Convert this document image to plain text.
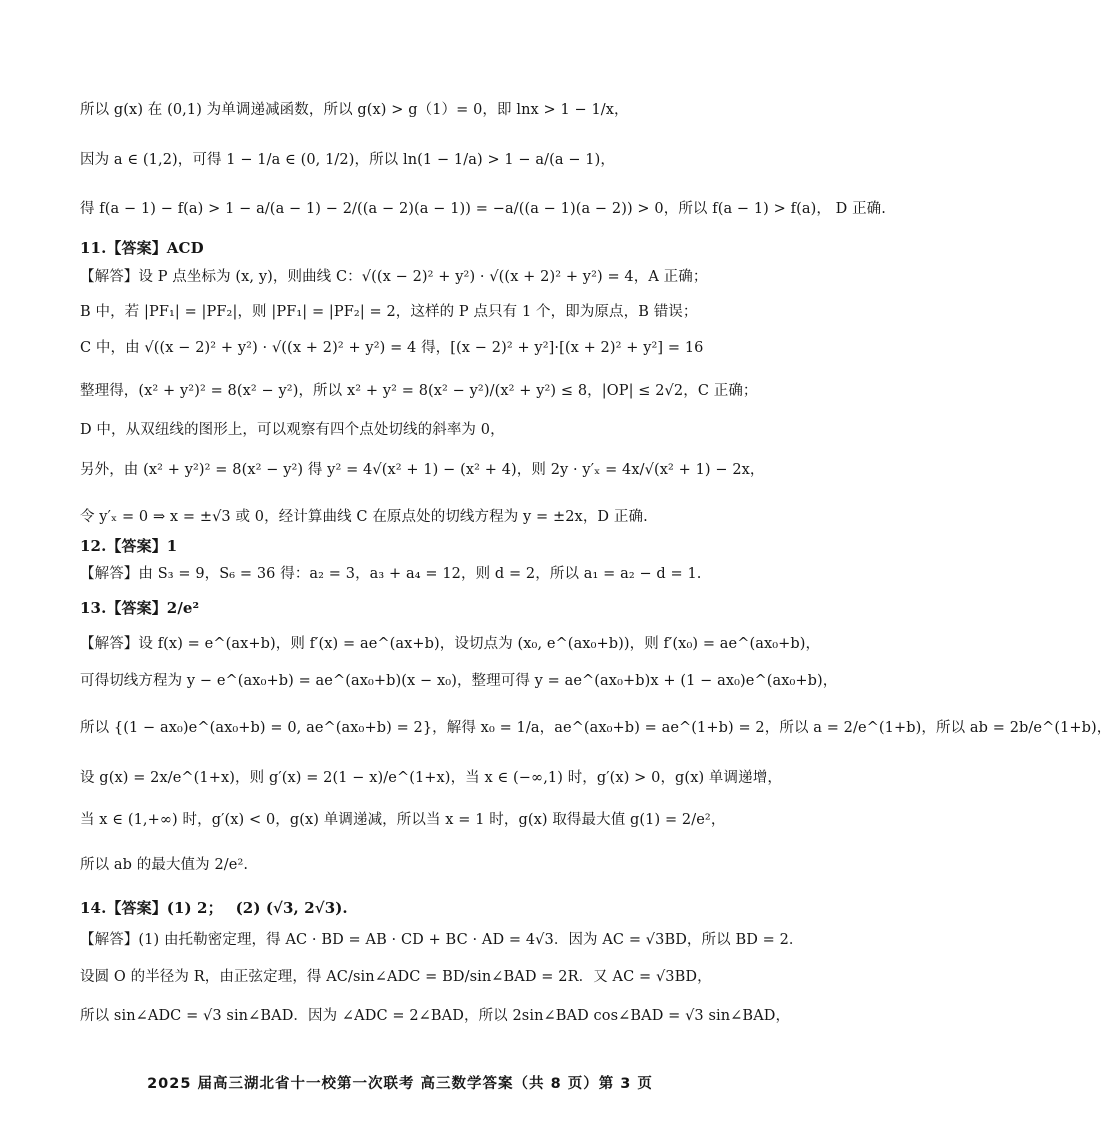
所以 g(x) 在 (0,1) 为单调递减函数，所以 g(x) > g（1）= 0，即 lnx > 1 − 1/x，
因为 a ∈ (1,2)，可得 1 − 1/a ∈ (0, 1/2)，所以 ln(1 − 1/a) > 1 − a/(a − 1)，
得 f(a − 1) − f(a) > 1 − a/(a − 1) − 2/((a − 2)(a − 1)) = −a/((a − 1)(a − 2)) > 0，所以 f(a − 1) > f(a)， D 正确.
11.【答案】ACD
【解答】设 P 点坐标为 (x, y)，则曲线 C：√((x − 2)² + y²) · √((x + 2)² + y²) = 4，A 正确；
B 中，若 |PF₁| = |PF₂|，则 |PF₁| = |PF₂| = 2，这样的 P 点只有 1 个，即为原点，B 错误；
C 中，由 √((x − 2)² + y²) · √((x + 2)² + y²) = 4 得，[(x − 2)² + y²]·[(x + 2)² + y²] = 16
整理得，(x² + y²)² = 8(x² − y²)，所以 x² + y² = 8(x² − y²)/(x² + y²) ≤ 8，|OP| ≤ 2√2，C 正确；
D 中，从双纽线的图形上，可以观察有四个点处切线的斜率为 0，
另外，由 (x² + y²)² = 8(x² − y²) 得 y² = 4√(x² + 1) − (x² + 4)，则 2y · y′ₓ = 4x/√(x² + 1) − 2x，
令 y′ₓ = 0 ⇒ x = ±√3 或 0，经计算曲线 C 在原点处的切线方程为 y = ±2x，D 正确.
12.【答案】1
【解答】由 S₃ = 9，S₆ = 36 得：a₂ = 3，a₃ + a₄ = 12，则 d = 2，所以 a₁ = a₂ − d = 1.
13.【答案】2/e²
【解答】设 f(x) = e^(ax+b)，则 f′(x) = ae^(ax+b)，设切点为 (x₀, e^(ax₀+b))，则 f′(x₀) = ae^(ax₀+b)，
可得切线方程为 y − e^(ax₀+b) = ae^(ax₀+b)(x − x₀)，整理可得 y = ae^(ax₀+b)x + (1 − ax₀)e^(ax₀+b)，
所以 {(1 − ax₀)e^(ax₀+b) = 0, ae^(ax₀+b) = 2}，解得 x₀ = 1/a，ae^(ax₀+b) = ae^(1+b) = 2，所以 a = 2/e^(1+b)，所以 ab = 2b/e^(1+b)，
设 g(x) = 2x/e^(1+x)，则 g′(x) = 2(1 − x)/e^(1+x)，当 x ∈ (−∞,1) 时，g′(x) > 0，g(x) 单调递增，
当 x ∈ (1,+∞) 时，g′(x) < 0，g(x) 单调递减，所以当 x = 1 时，g(x) 取得最大值 g(1) = 2/e²，
所以 ab 的最大值为 2/e².
14.【答案】(1) 2；　 (2) (√3, 2√3).
【解答】(1) 由托勒密定理，得 AC · BD = AB · CD + BC · AD = 4√3．因为 AC = √3BD，所以 BD = 2．
设圆 O 的半径为 R，由正弦定理，得 AC/sin∠ADC = BD/sin∠BAD = 2R．又 AC = √3BD，
所以 sin∠ADC = √3 sin∠BAD．因为 ∠ADC = 2∠BAD，所以 2sin∠BAD cos∠BAD = √3 sin∠BAD，
2025 届高三湖北省十一校第一次联考 高三数学答案（共 8 页）第 3 页
